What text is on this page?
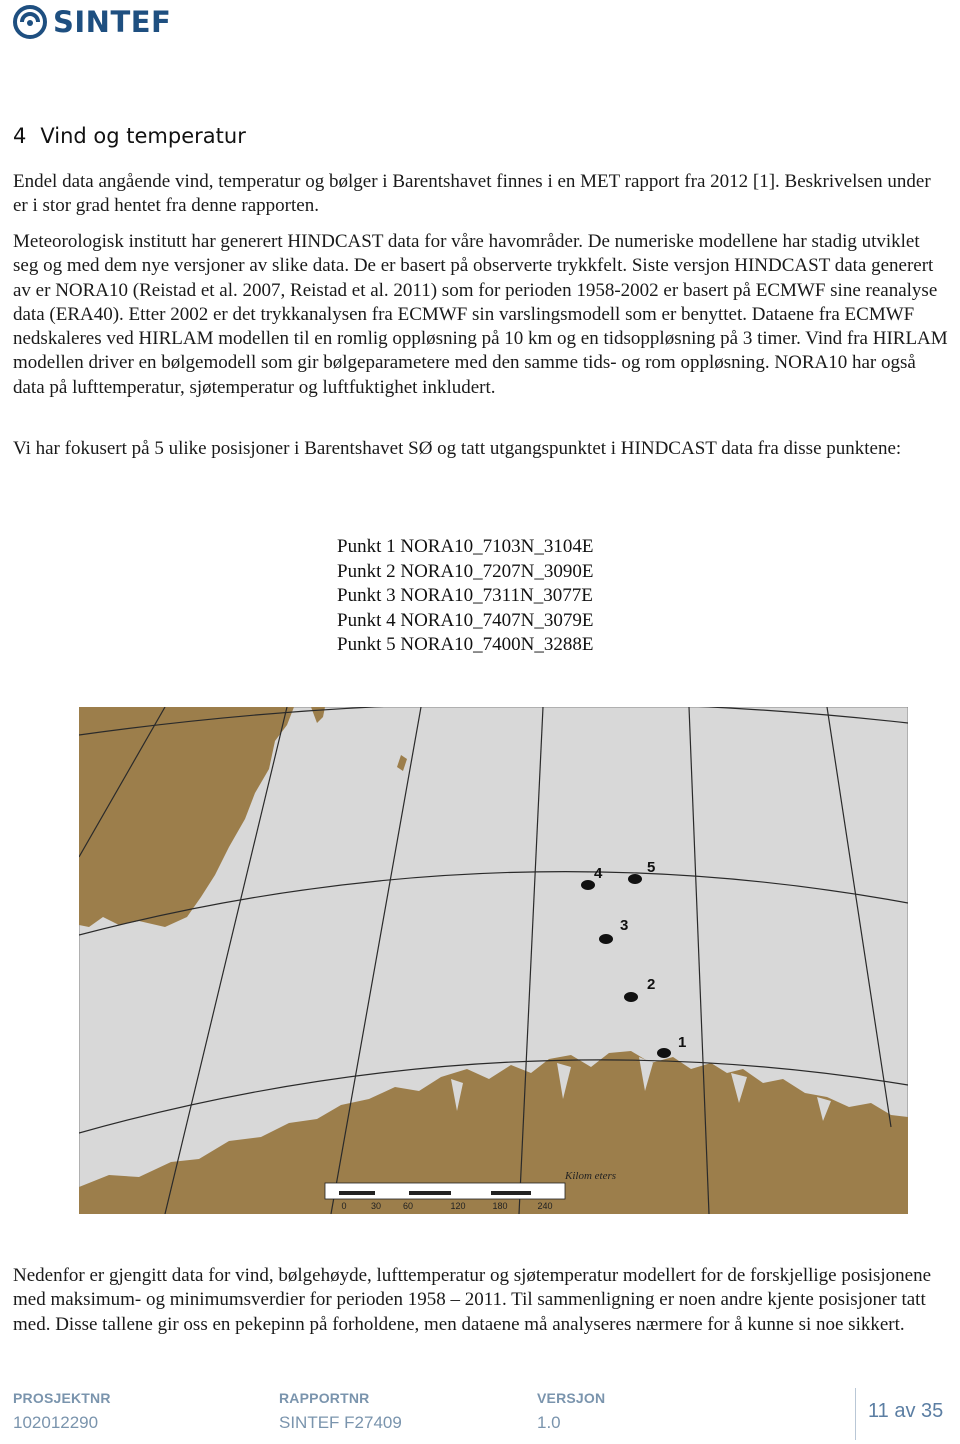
SINTEF
4 Vind og temperatur

Endel data angående vind, temperatur og bølger i Barentshavet finnes i en MET rapport fra 2012 [1]. Beskrivelsen under er i stor grad hentet fra denne rapporten.

Meteorologisk institutt har generert HINDCAST data for våre havområder. De numeriske modellene har stadig utviklet seg og med dem nye versjoner av slike data. De er basert på observerte trykkfelt. Siste versjon HINDCAST data generert av er NORA10 (Reistad et al. 2007, Reistad et al. 2011) som for perioden 1958-2002 er basert på ECMWF sine reanalyse data (ERA40). Etter 2002 er det trykkanalysen fra ECMWF sin varslingsmodell som er benyttet. Dataene fra ECMWF nedskaleres ved HIRLAM modellen til en romlig oppløsning på 10 km og en tidsoppløsning på 3 timer. Vind fra HIRLAM modellen driver en bølgemodell som gir bølgeparametere med den samme tids- og rom oppløsning. NORA10 har også data på lufttemperatur, sjøtemperatur og luftfuktighet inkludert.

Vi har fokusert på 5 ulike posisjoner i Barentshavet SØ og tatt utgangspunktet i HINDCAST data fra disse punktene:

Punkt 1 NORA10_7103N_3104E
Punkt 2 NORA10_7207N_3090E
Punkt 3 NORA10_7311N_3077E
Punkt 4 NORA10_7407N_3079E
Punkt 5 NORA10_7400N_3288E
1
2
3
4	5
Kilom eters
0	30 60	120	180	240

Nedenfor er gjengitt data for vind, bølgehøyde, lufttemperatur og sjøtemperatur modellert for de forskjellige posisjonene med maksimum- og minimumsverdier for perioden 1958 – 2011. Til sammenligning er noen andre kjente posisjoner tatt med. Disse tallene gir oss en pekepinn på forholdene, men dataene må analyseres nærmere for å kunne si noe sikkert.

PROSJEKTNR
102012290
RAPPORTNR
SINTEF F27409
VERSJON
1.0
11 av 35
